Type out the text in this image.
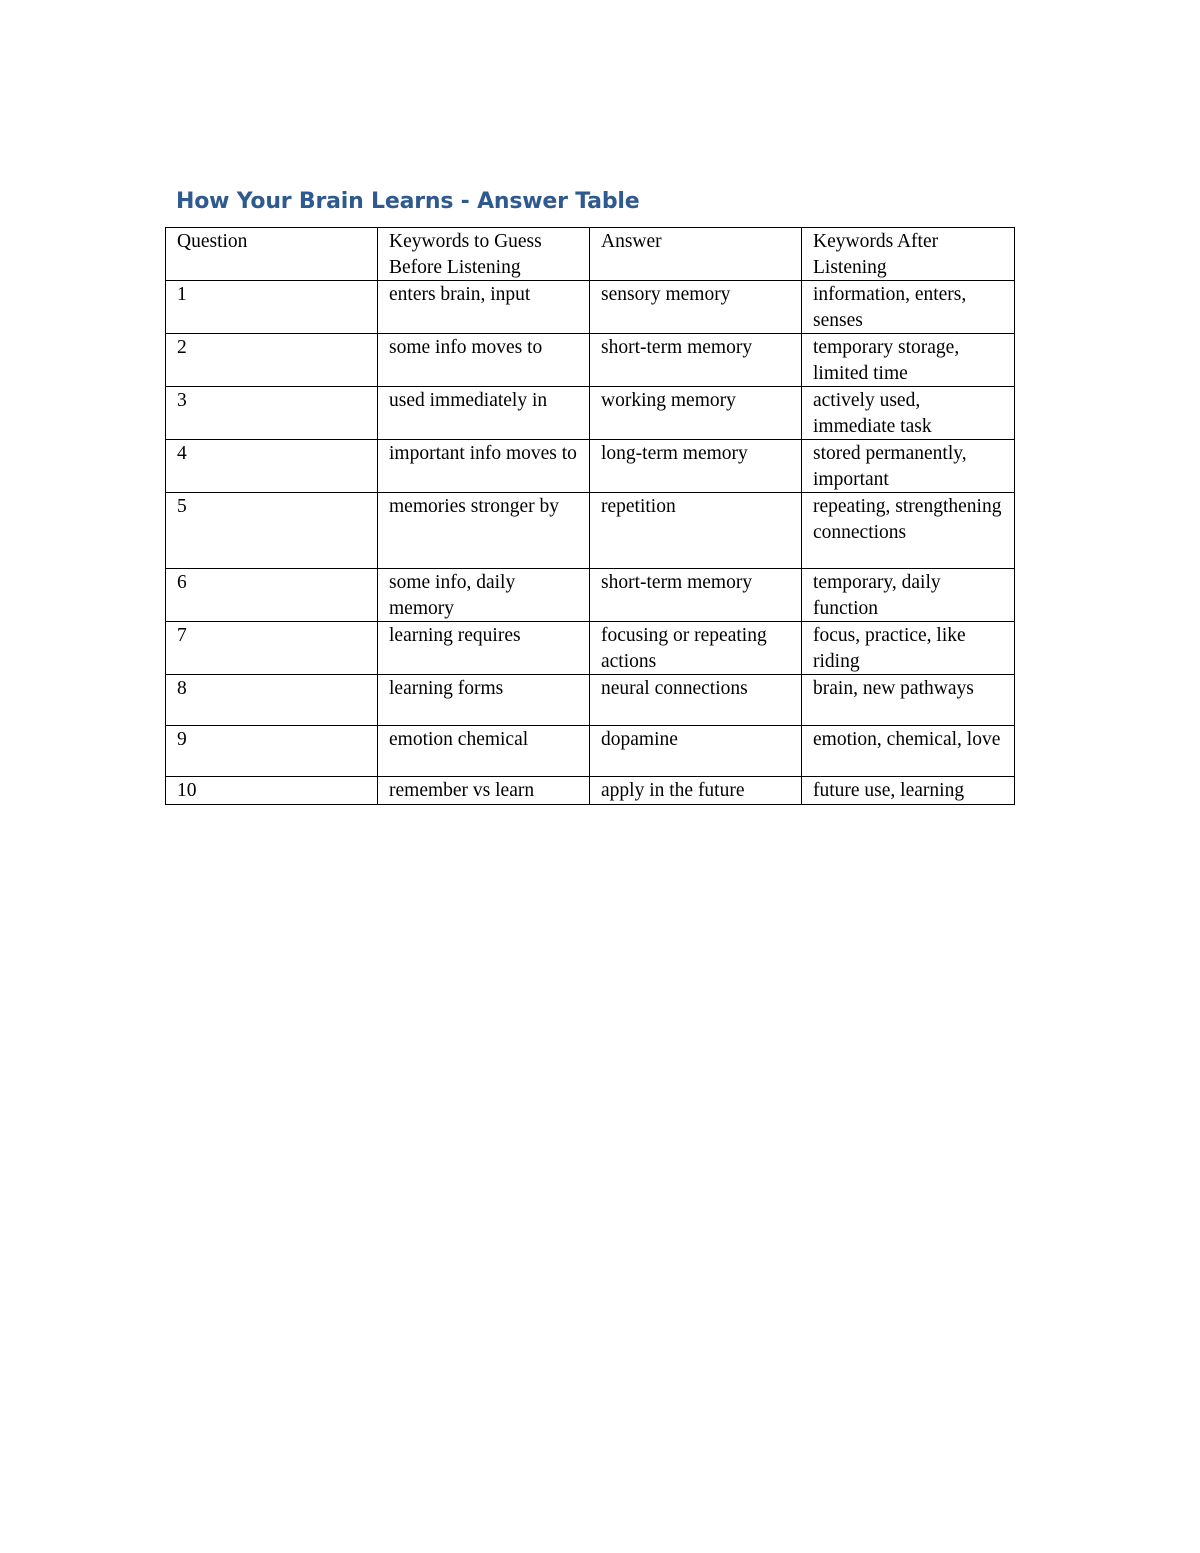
How Your Brain Learns - Answer Table
Question	Keywords to Guess Before Listening	Answer	Keywords After Listening
1	enters brain, input	sensory memory	information, enters, senses
2	some info moves to	short-term memory	temporary storage, limited time
3	used immediately in	working memory	actively used, immediate task
4	important info moves to	long-term memory	stored permanently, important
5	memories stronger by	repetition	repeating, strengthening connections
6	some info, daily memory	short-term memory	temporary, daily function
7	learning requires	focusing or repeating actions	focus, practice, like riding
8	learning forms	neural connections	brain, new pathways
9	emotion chemical	dopamine	emotion, chemical, love
10	remember vs learn	apply in the future	future use, learning
